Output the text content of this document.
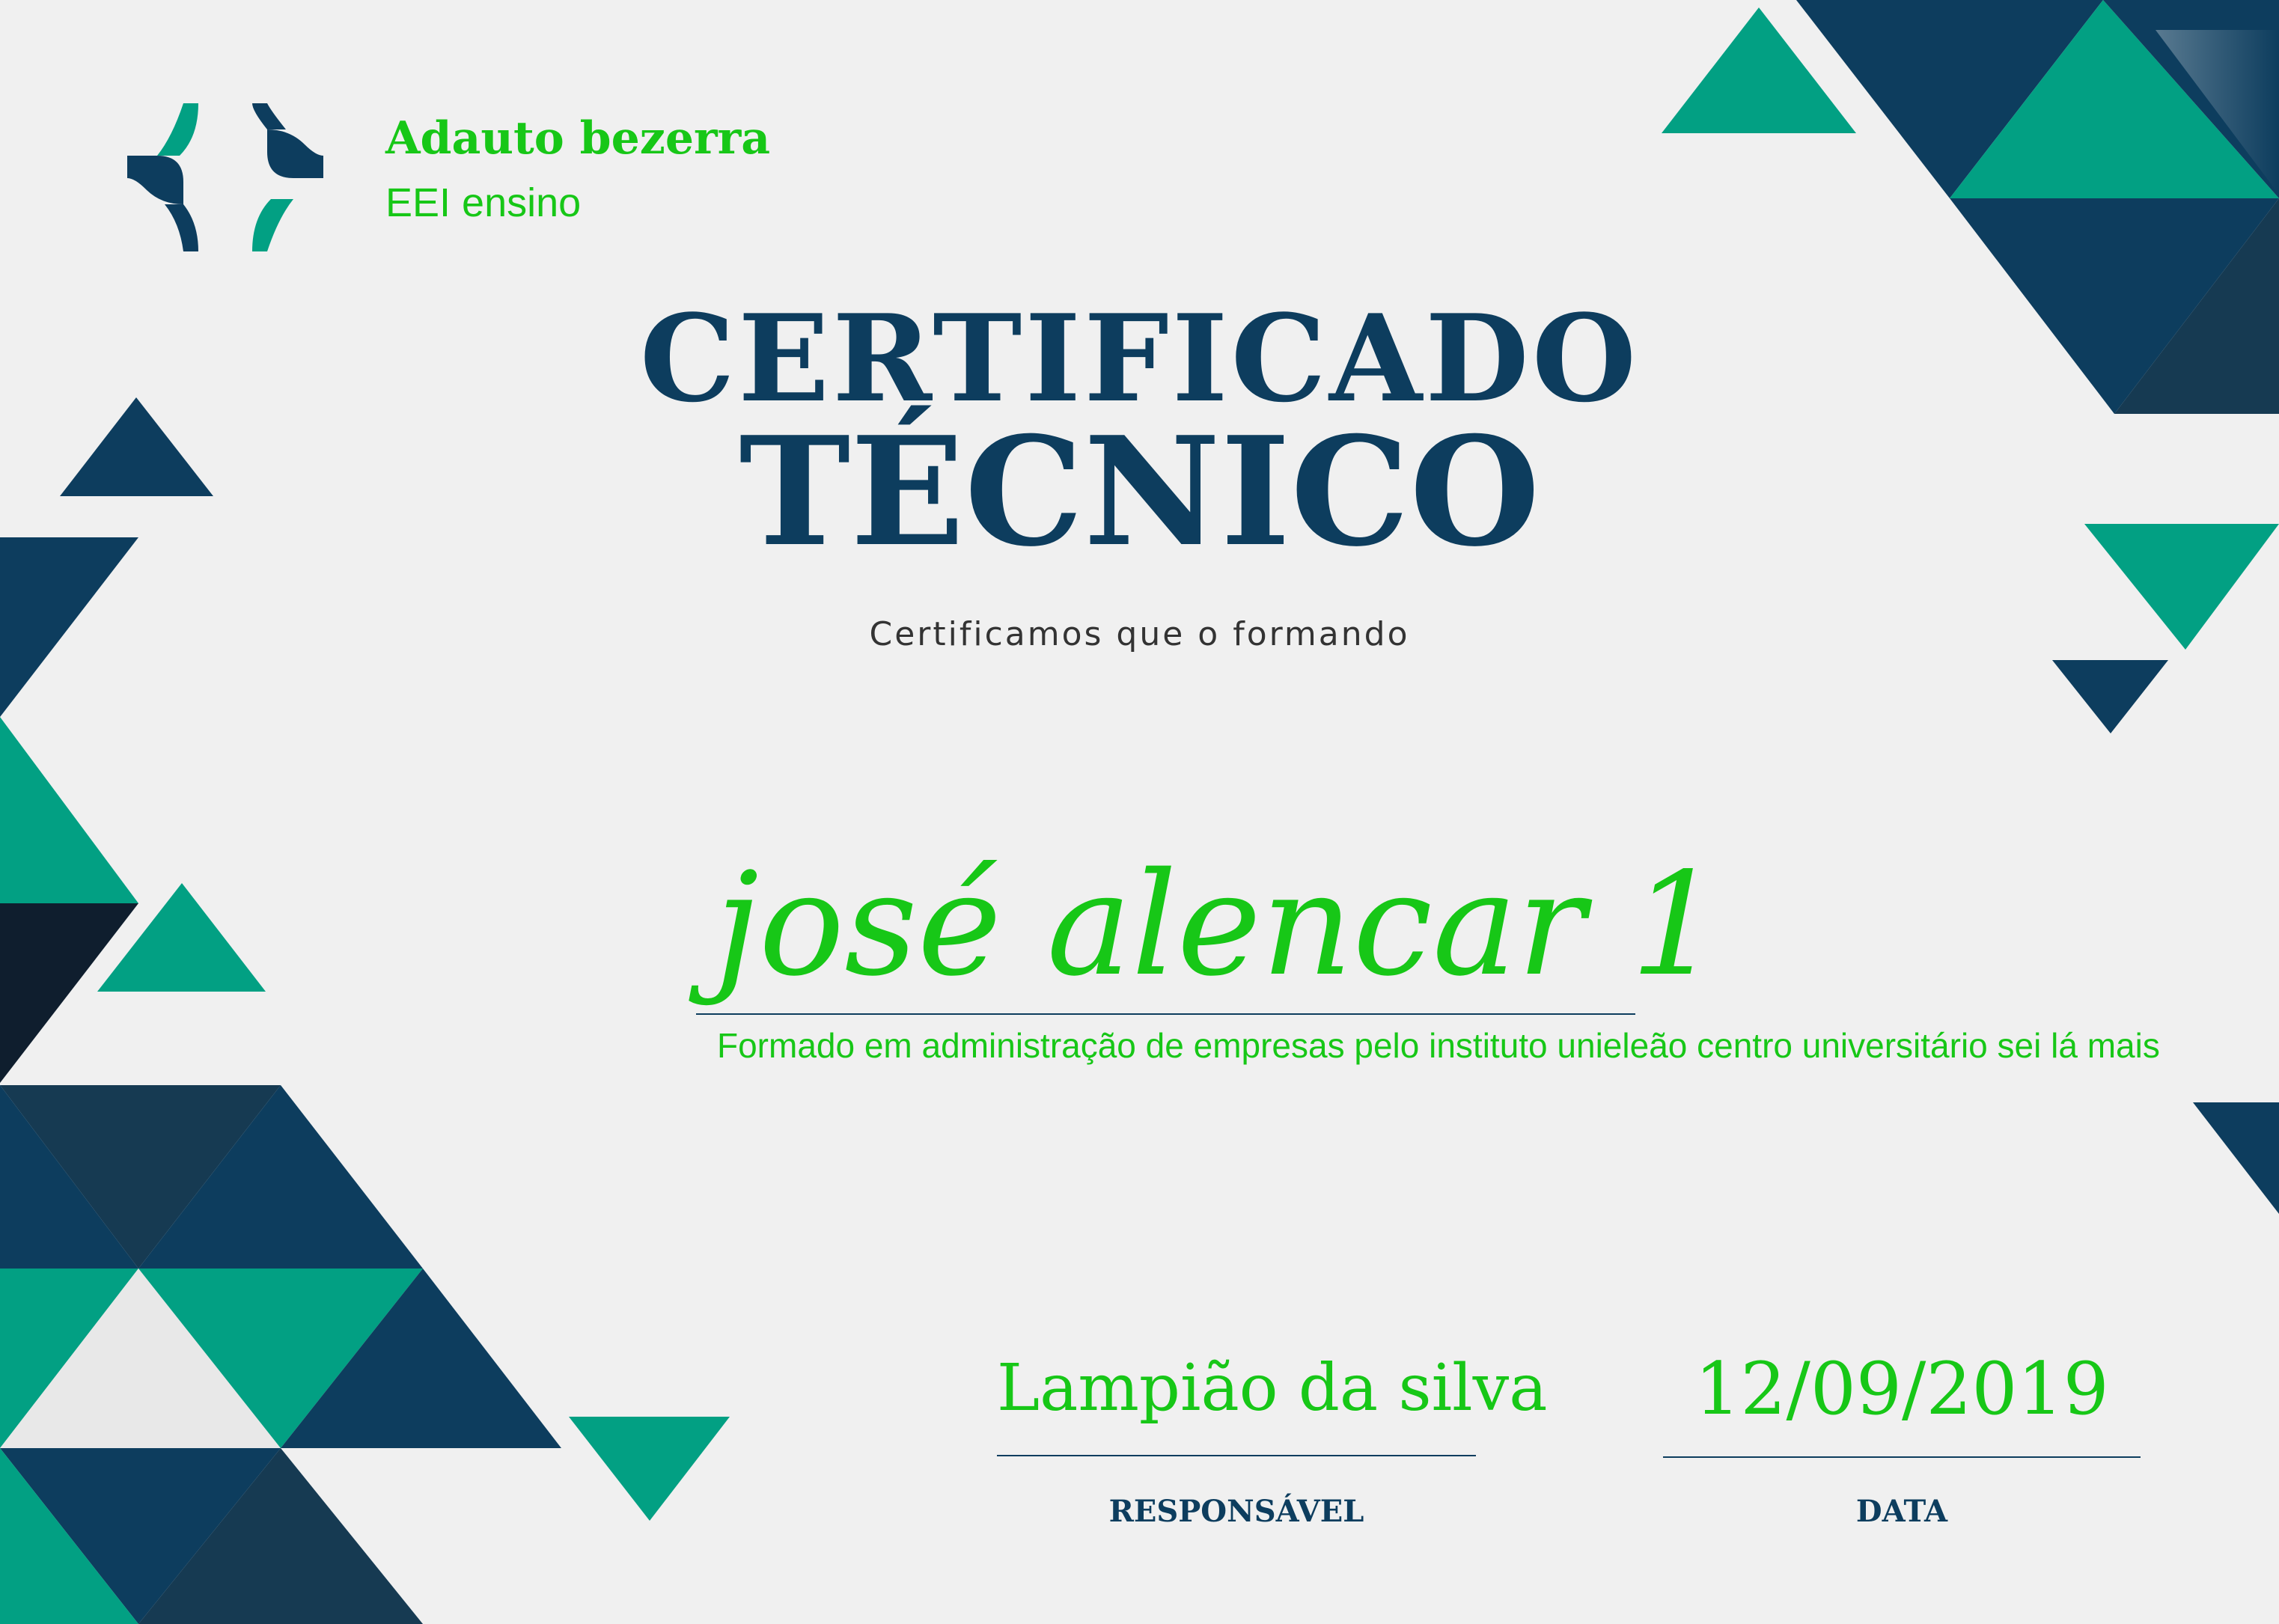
Adauto bezerra
EEI ensino
CERTIFICADO
TÉCNICO
Certificamos que o formando
josé alencar 1
Formado em administração de empresas pelo instituto unieleão centro universitário sei lá mais
Lampião da silva
RESPONSÁVEL
12/09/2019
DATA
